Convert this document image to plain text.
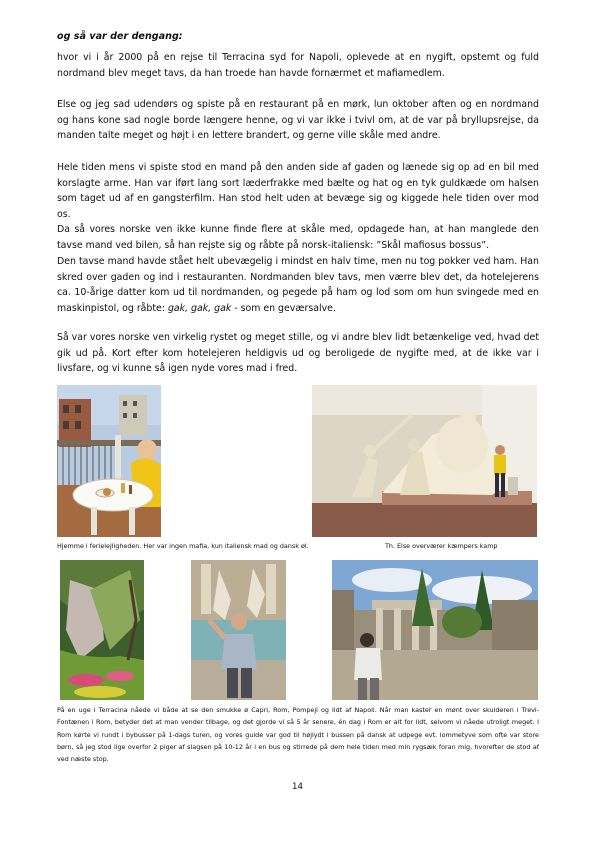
og så var der dengang:

hvor vi i år 2000 på en rejse til Terracina syd for Napoli, oplevede at en nygift, opstemt og fuld nordmand blev meget tavs, da han troede han havde fornærmet et mafiamedlem.

Else og jeg sad udendørs og spiste på en restaurant på en mørk, lun oktober aften og en nordmand og hans kone sad nogle borde længere henne, og vi var ikke i tvivl om, at de var på bryllupsrejse, da manden talte meget og højt i en lettere brandert, og gerne ville skåle med andre.

Hele tiden mens vi spiste stod en mand på den anden side af gaden og lænede sig op ad en bil med korslagte arme. Han var iført lang sort læderfrakke med bælte og hat og en tyk guldkæde om halsen som taget ud af en gangsterfilm. Han stod helt uden at bevæge sig og kiggede hele tiden over mod os.

Da så vores norske ven ikke kunne finde flere at skåle med, opdagede han, at han manglede den tavse mand ved bilen, så han rejste sig og råbte på norsk-italiensk: ”Skål mafiosus bossus”.

Den tavse mand havde stået helt ubevægelig i mindst en halv time, men nu tog pokker ved ham. Han skred over gaden og ind i restauranten. Nordmanden blev tavs, men værre blev det, da hotelejerens ca. 10-årige datter kom ud til nordmanden, og pegede på ham og lod som om hun svingede med en maskinpistol, og råbte: gak, gak, gak - som en geværsalve.

Så var vores norske ven virkelig rystet og meget stille, og vi andre blev lidt betænkelige ved, hvad det gik ud på. Kort efter kom hotelejeren heldigvis ud og beroligede de nygifte med, at de ikke var i livsfare, og vi kunne så igen nyde vores mad i fred.

Hjemme i ferielejligheden. Her var ingen mafia, kun italiensk mad og dansk øl.	Th. Else overværer kæmpers kamp

På en uge i Terracina nåede vi både at se den smukke ø Capri, Rom, Pompeji og lidt af Napoli. Når man kaster en mønt over skulderen i Trevi-Fontænen i Rom, betyder det at man vender tilbage, og det gjorde vi så 5 år senere, én dag i Rom er alt for lidt, selvom vi nåede utroligt meget. I Rom kørte vi rundt i bybusser på 1-dags turen, og vores guide var god til højlydt i bussen på dansk at udpege evt. lommetyve som ofte var store børn, så jeg stod lige overfor 2 piger af slagsen på 10-12 år i en bus og stirrede på dem hele tiden med min rygsæk foran mig, hvorefter de stod af ved næste stop.

14
